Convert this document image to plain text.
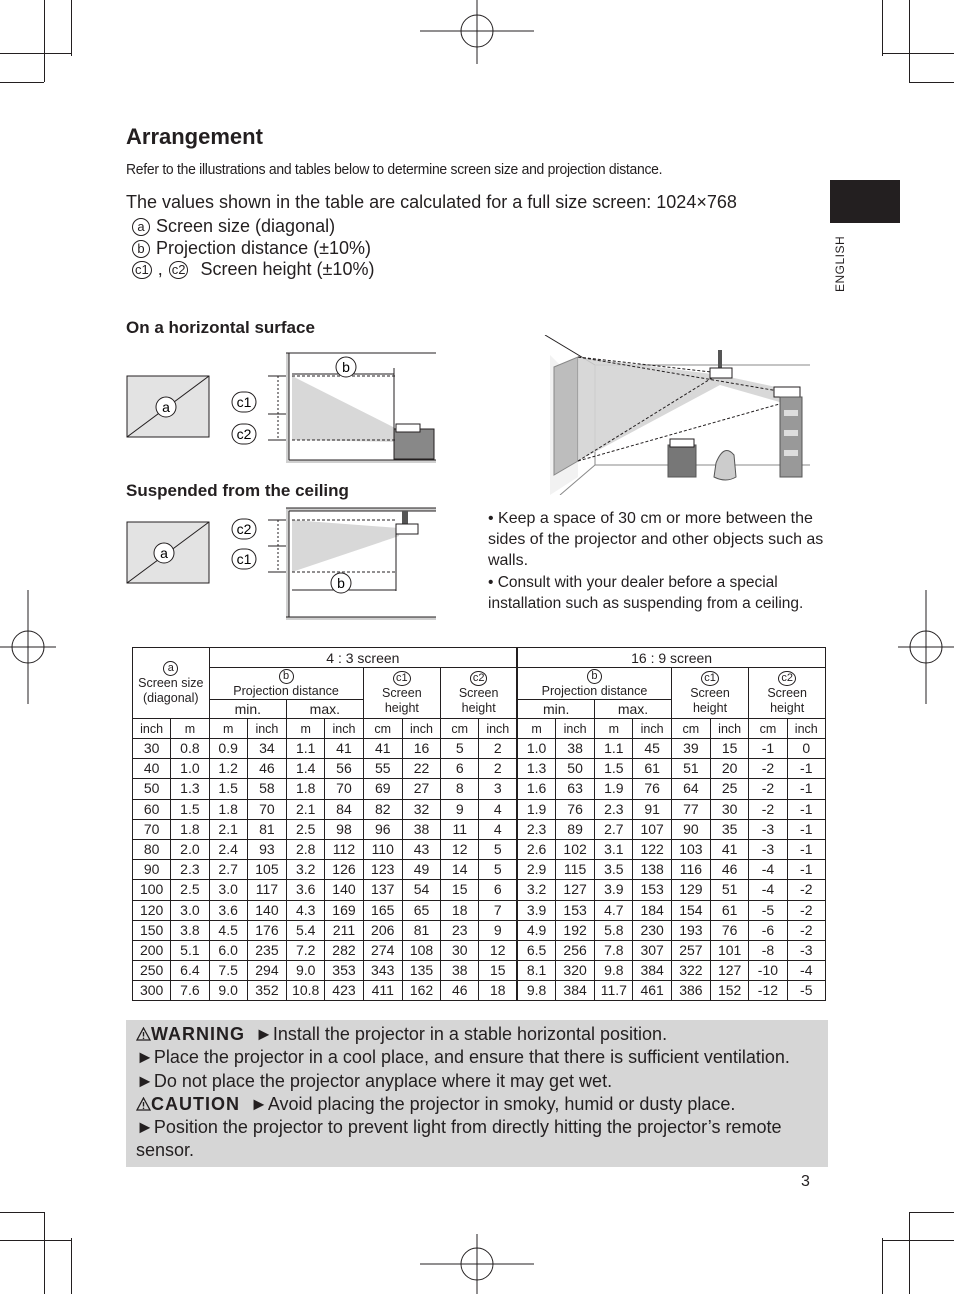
Arrangement

Refer to the illustrations and tables below to determine screen size and projection distance.

The values shown in the table are calculated for a full size screen: 1024×768

a Screen size (diagonal)
b Projection distance (±10%)
c1 , c2 Screen height (±10%)	ENGLISH
On a horizontal surface
a
b
c1
c2
Suspended from the ceiling
a
b
c2
c1

• Keep a space of 30 cm or more between the sides of the projector and other objects such as walls.

• Consult with your dealer before a special installation such as suspending from a ceiling.

a
Screen size
(diagonal)		4 : 3 screen								16 : 9 screen							
		b
Projection distance				c1
Screen
height		c2
Screen
height		b
Projection distance				c1
Screen
height		c2
Screen
height	
		min.		max.						min.		max.					
inch	m	m	inch	m	inch	cm	inch	cm	inch	m	inch	m	inch	cm	inch	cm	inch
30	0.8	0.9	34	1.1	41	41	16	5	2	1.0	38	1.1	45	39	15	-1	0
40	1.0	1.2	46	1.4	56	55	22	6	2	1.3	50	1.5	61	51	20	-2	-1
50	1.3	1.5	58	1.8	70	69	27	8	3	1.6	63	1.9	76	64	25	-2	-1
60	1.5	1.8	70	2.1	84	82	32	9	4	1.9	76	2.3	91	77	30	-2	-1
70	1.8	2.1	81	2.5	98	96	38	11	4	2.3	89	2.7	107	90	35	-3	-1
80	2.0	2.4	93	2.8	112	110	43	12	5	2.6	102	3.1	122	103	41	-3	-1
90	2.3	2.7	105	3.2	126	123	49	14	5	2.9	115	3.5	138	116	46	-4	-1
100	2.5	3.0	117	3.6	140	137	54	15	6	3.2	127	3.9	153	129	51	-4	-2
120	3.0	3.6	140	4.3	169	165	65	18	7	3.9	153	4.7	184	154	61	-5	-2
150	3.8	4.5	176	5.4	211	206	81	23	9	4.9	192	5.8	230	193	76	-6	-2
200	5.1	6.0	235	7.2	282	274	108	30	12	6.5	256	7.8	307	257	101	-8	-3
250	6.4	7.5	294	9.0	353	343	135	38	15	8.1	320	9.8	384	322	127	-10	-4
300	7.6	9.0	352	10.8	423	411	162	46	18	9.8	384	11.7	461	386	152	-12	-5
WARNING ►Install the projector in a stable horizontal position.
►Place the projector in a cool place, and ensure that there is sufficient ventilation.
►Do not place the projector anyplace where it may get wet.
CAUTION ►Avoid placing the projector in smoky, humid or dusty place.
►Position the projector to prevent light from directly hitting the projector’s remote sensor.
3
